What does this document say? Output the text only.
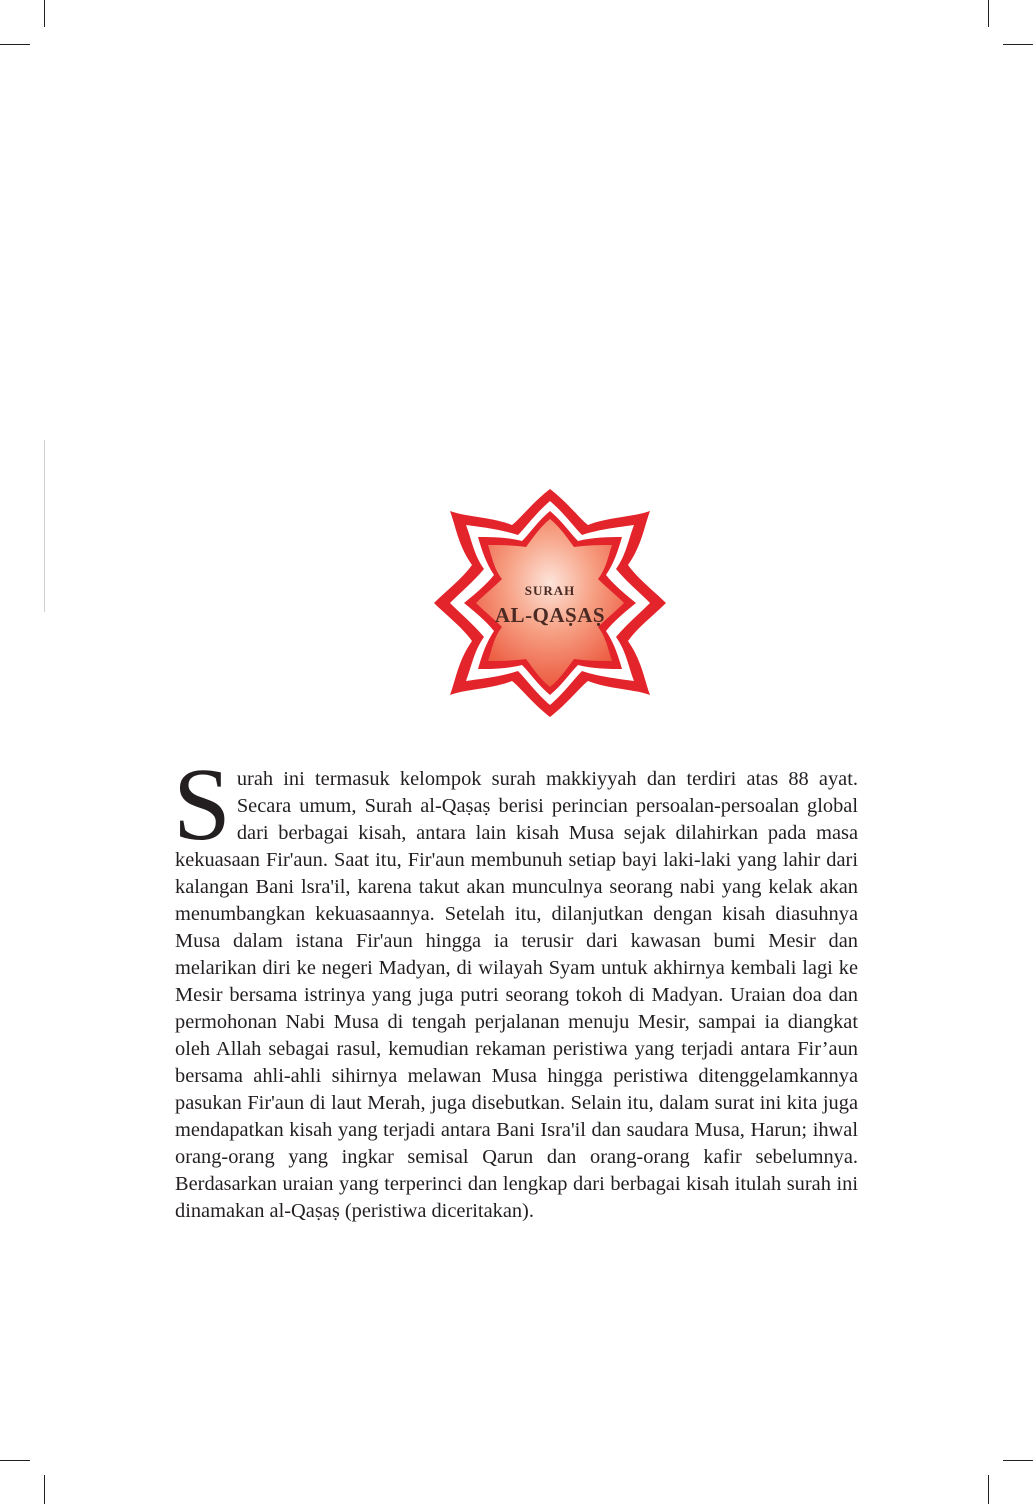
SURAH
AL-QAṢAṢ

Surah ini termasuk kelompok surah makkiyyah dan terdiri atas 88 ayat. Secara umum, Surah al-Qaṣaṣ berisi perincian persoalan-persoalan global dari berbagai kisah, antara lain kisah Musa sejak dilahirkan pada masa kekuasaan Fir'aun. Saat itu, Fir'aun membunuh setiap bayi laki-laki yang lahir dari kalangan Bani lsra'il, karena takut akan munculnya seorang nabi yang kelak akan menumbangkan kekuasaannya. Setelah itu, dilanjutkan dengan kisah diasuhnya Musa dalam istana Fir'aun hingga ia terusir dari kawasan bumi Mesir dan melarikan diri ke negeri Madyan, di wilayah Syam untuk akhirnya kembali lagi ke Mesir bersama istrinya yang juga putri seorang tokoh di Madyan. Uraian doa dan permohonan Nabi Musa di tengah perjalanan menuju Mesir, sampai ia diangkat oleh Allah sebagai rasul, kemudian rekaman peristiwa yang terjadi antara Fir’aun bersama ahli-ahli sihirnya melawan Musa hingga peristiwa ditenggelamkannya pasukan Fir'aun di laut Merah, juga disebutkan. Selain itu, dalam surat ini kita juga mendapatkan kisah yang terjadi antara Bani Isra'il dan saudara Musa, Harun; ihwal orang-orang yang ingkar semisal Qarun dan orang-orang kafir sebelumnya. Berdasarkan uraian yang terperinci dan lengkap dari berbagai kisah itulah surah ini dinamakan al-Qaṣaṣ (peristiwa diceritakan).
